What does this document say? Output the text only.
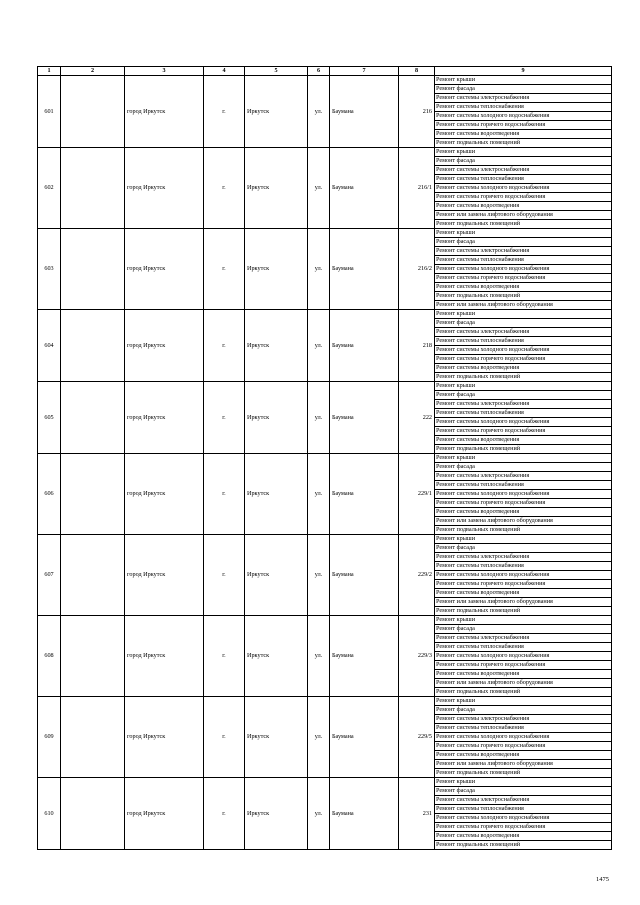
1	2	3	4	5	6	7	8	9
601		город Иркутск	г.	Иркутск	ул.	Баумана	216	Ремонт крыши
								Ремонт фасада
								Ремонт системы электроснабжения
								Ремонт системы теплоснабжения
								Ремонт системы холодного водоснабжения
								Ремонт системы горячего водоснабжения
								Ремонт системы водоотведения
								Ремонт подвальных помещений
602		город Иркутск	г.	Иркутск	ул.	Баумана	216/1	Ремонт крыши
								Ремонт фасада
								Ремонт системы электроснабжения
								Ремонт системы теплоснабжения
								Ремонт системы холодного водоснабжения
								Ремонт системы горячего водоснабжения
								Ремонт системы водоотведения
								Ремонт или замена лифтового оборудования
								Ремонт подвальных помещений
603		город Иркутск	г.	Иркутск	ул.	Баумана	216/2	Ремонт крыши
								Ремонт фасада
								Ремонт системы электроснабжения
								Ремонт системы теплоснабжения
								Ремонт системы холодного водоснабжения
								Ремонт системы горячего водоснабжения
								Ремонт системы водоотведения
								Ремонт подвальных помещений
								Ремонт или замена лифтового оборудования
604		город Иркутск	г.	Иркутск	ул.	Баумана	218	Ремонт крыши
								Ремонт фасада
								Ремонт системы электроснабжения
								Ремонт системы теплоснабжения
								Ремонт системы холодного водоснабжения
								Ремонт системы горячего водоснабжения
								Ремонт системы водоотведения
								Ремонт подвальных помещений
605		город Иркутск	г.	Иркутск	ул.	Баумана	222	Ремонт крыши
								Ремонт фасада
								Ремонт системы электроснабжения
								Ремонт системы теплоснабжения
								Ремонт системы холодного водоснабжения
								Ремонт системы горячего водоснабжения
								Ремонт системы водоотведения
								Ремонт подвальных помещений
606		город Иркутск	г.	Иркутск	ул.	Баумана	229/1	Ремонт крыши
								Ремонт фасада
								Ремонт системы электроснабжения
								Ремонт системы теплоснабжения
								Ремонт системы холодного водоснабжения
								Ремонт системы горячего водоснабжения
								Ремонт системы водоотведения
								Ремонт или замена лифтового оборудования
								Ремонт подвальных помещений
607		город Иркутск	г.	Иркутск	ул.	Баумана	229/2	Ремонт крыши
								Ремонт фасада
								Ремонт системы электроснабжения
								Ремонт системы теплоснабжения
								Ремонт системы холодного водоснабжения
								Ремонт системы горячего водоснабжения
								Ремонт системы водоотведения
								Ремонт или замена лифтового оборудования
								Ремонт подвальных помещений
608		город Иркутск	г.	Иркутск	ул.	Баумана	229/3	Ремонт крыши
								Ремонт фасада
								Ремонт системы электроснабжения
								Ремонт системы теплоснабжения
								Ремонт системы холодного водоснабжения
								Ремонт системы горячего водоснабжения
								Ремонт системы водоотведения
								Ремонт или замена лифтового оборудования
								Ремонт подвальных помещений
609		город Иркутск	г.	Иркутск	ул.	Баумана	229/5	Ремонт крыши
								Ремонт фасада
								Ремонт системы электроснабжения
								Ремонт системы теплоснабжения
								Ремонт системы холодного водоснабжения
								Ремонт системы горячего водоснабжения
								Ремонт системы водоотведения
								Ремонт или замена лифтового оборудования
								Ремонт подвальных помещений
610		город Иркутск	г.	Иркутск	ул.	Баумана	231	Ремонт крыши
								Ремонт фасада
								Ремонт системы электроснабжения
								Ремонт системы теплоснабжения
								Ремонт системы холодного водоснабжения
								Ремонт системы горячего водоснабжения
								Ремонт системы водоотведения
								Ремонт подвальных помещений
1475
